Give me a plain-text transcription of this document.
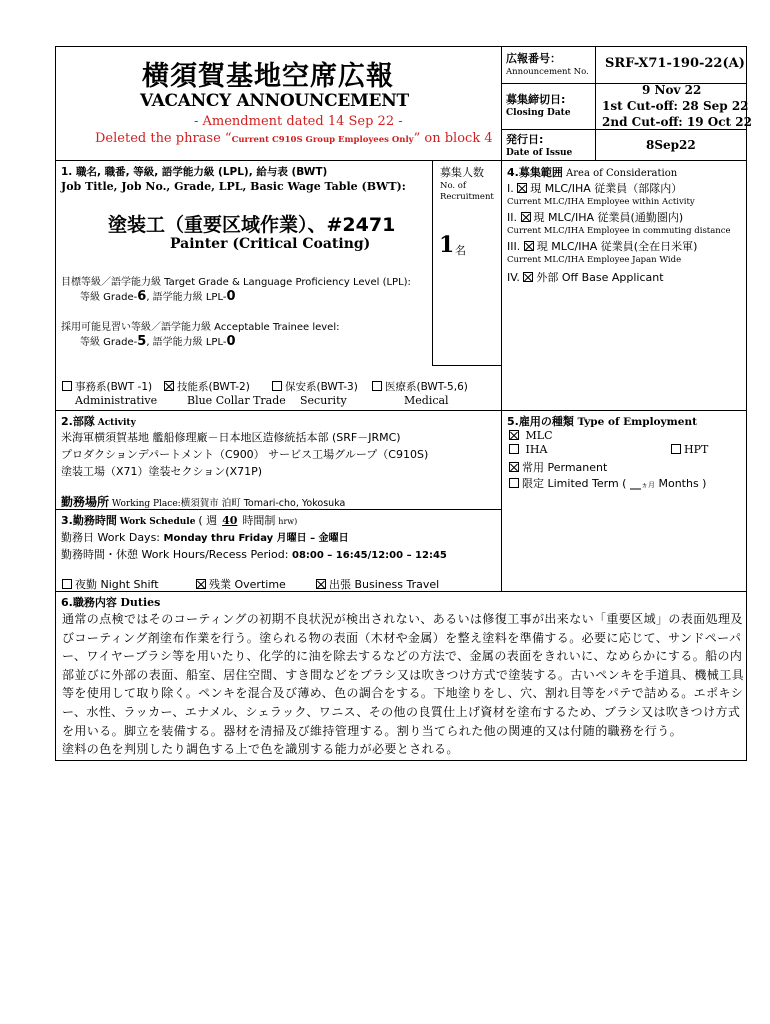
横須賀基地空席広報
VACANCY ANNOUNCEMENT
- Amendment dated 14 Sep 22 -
Deleted the phrase “Current C910S Group Employees Only” on block 4
広報番号：
Announcement No.
SRF-X71-190-22(A)
募集締切日:
Closing Date
9 Nov 22
1st Cut-off: 28 Sep 22
2nd Cut-off: 19 Oct 22
発行日:
Date of Issue
8Sep22
1. 職名, 職番, 等級, 語学能力級 (LPL), 給与表 (BWT)
Job Title, Job No., Grade, LPL, Basic Wage Table (BWT):
塗装工（重要区域作業）、#2471
Painter (Critical Coating)
目標等級／語学能力級 Target Grade & Language Proficiency Level (LPL):
等級 Grade-6, 語学能力級 LPL-0
採用可能見習い等級／語学能力級 Acceptable Trainee level:
等級 Grade-5, 語学能力級 LPL-0
募集人数
No. of
Recruitment
1 名
事務系(BWT -1)
Administrative
技能系(BWT-2)
Blue Collar Trade
保安系(BWT-3)
Security
医療系(BWT-5,6)
Medical
4.募集範囲 Area of Consideration
I. 現 MLC/IHA 従業員（部隊内）
Current MLC/IHA Employee within Activity
II. 現 MLC/IHA 従業員(通勤圏内)
Current MLC/IHA Employee in commuting distance
III. 現 MLC/IHA 従業員(全在日米軍)
Current MLC/IHA Employee Japan Wide
IV. 外部 Off Base Applicant
2.部隊 Activity
米海軍横須賀基地 艦船修理廠－日本地区造修統括本部 (SRF－JRMC)
プロダクションデパートメント（C900） サービス工場グループ（C910S)
塗装工場（X71）塗装セクション(X71P)
勤務場所 Working Place:横須賀市 泊町 Tomari-cho, Yokosuka
3.勤務時間 Work Schedule ( 週 40 時間制 hrw)
勤務日 Work Days: Monday thru Friday 月曜日 – 金曜日
勤務時間・休憩 Work Hours/Recess Period: 08:00 – 16:45/12:00 – 12:45
夜勤 Night Shift	残業 Overtime	出張 Business Travel
5.雇用の種類 Type of Employment
MLC
IHA	HPT
常用 Permanent
限定 Limited Term ( __ヵ月 Months )
6.職務内容 Duties
通常の点検ではそのコーティングの初期不良状況が検出されない、あるいは修復工事が出来ない「重要区域」の表面処理及びコーティング剤塗布作業を行う。塗られる物の表面（木材や金属）を整え塗料を準備する。必要に応じて、サンドペーパー、ワイヤーブラシ等を用いたり、化学的に油を除去するなどの方法で、金属の表面をきれいに、なめらかにする。船の内部並びに外部の表面、船室、居住空間、すき間などをブラシ又は吹きつけ方式で塗装する。古いペンキを手道具、機械工具等を使用して取り除く。ペンキを混合及び薄め、色の調合をする。下地塗りをし、穴、割れ目等をパテで詰める。エポキシー、水性、ラッカー、エナメル、シェラック、ワニス、その他の良質仕上げ資材を塗布するため、ブラシ又は吹きつけ方式を用いる。脚立を装備する。器材を清掃及び維持管理する。割り当てられた他の関連的又は付随的職務を行う。
塗料の色を判別したり調色する上で色を識別する能力が必要とされる。
